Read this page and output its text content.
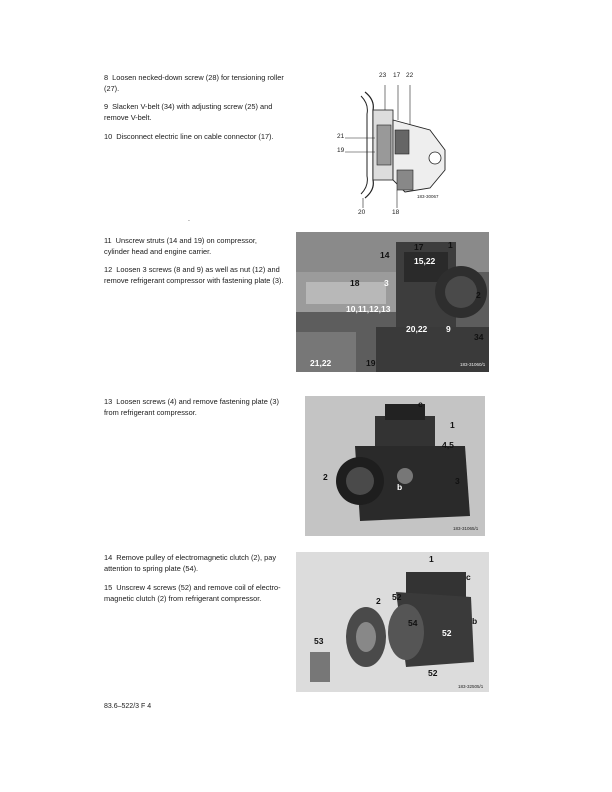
8 Loosen necked-down screw (28) for tensioning roller (27).
9 Slacken V-belt (34) with adjusting screw (25) and remove V-belt.
10 Disconnect electric line on cable connector (17).
11 Unscrew struts (14 and 19) on compressor, cylinder head and engine carrier.
12 Loosen 3 screws (8 and 9) as well as nut (12) and remove refrigerant compressor with fastening plate (3).
13 Loosen screws (4) and remove fastening plate (3) from refrigerant compressor.
14 Remove pulley of electromagnetic clutch (2), pay attention to spring plate (54).
15 Unscrew 4 screws (52) and remove coil of electro-magnetic clutch (2) from refrigerant compressor.
.
23 17 22
21
19
20	18
183-30067
1
17
14
15,22
18	3
2
10,11,12,13
20,22 9
34
21,22	19	183-31060/1
c
1
4,5
2
b
3
183-31065/1
1
c
2 52
54
52
b
53
52
183-32505/1
83.6–522/3 F 4
